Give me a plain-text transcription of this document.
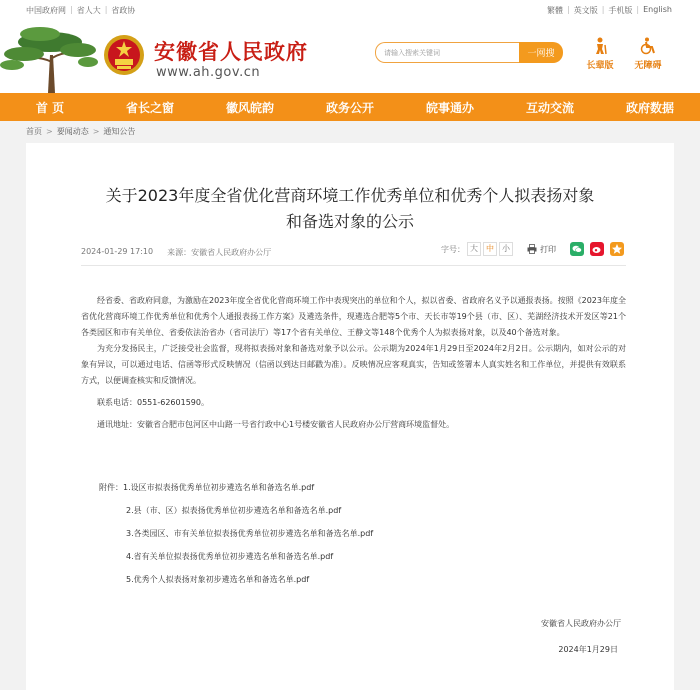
中国政府网 | 省人大 | 省政协	繁體 | 英文版 | 手机版 | English
安徽省人民政府
www.ah.gov.cn
请输入搜索关键词	一网搜
长辈版	无障碍
首 页	省长之窗	徽风皖韵	政务公开	皖事通办	互动交流	政府数据
首页 > 要闻动态 > 通知公告
关于2023年度全省优化营商环境工作优秀单位和优秀个人拟表扬对象
和备选对象的公示
2024-01-29 17:10 来源：安徽省人民政府办公厅	字号： 大	中	小	打印

经省委、省政府同意，为激励在2023年度全省优化营商环境工作中表现突出的单位和个人，拟以省委、省政府名义予以通报表扬。按照《2023年度全省优化营商环境工作优秀单位和优秀个人通报表扬工作方案》及遴选条件，现遴选合肥等5个市、天长市等19个县（市、区）、芜湖经济技术开发区等21个各类园区和市有关单位、省委依法治省办（省司法厅）等17个省有关单位、王静文等148个优秀个人为拟表扬对象，以及40个备选对象。

为充分发扬民主，广泛接受社会监督，现将拟表扬对象和备选对象予以公示。公示期为2024年1月29日至2024年2月2日。公示期内，如对公示的对象有异议，可以通过电话、信函等形式反映情况（信函以到达日邮戳为准）。反映情况应客观真实，告知或签署本人真实姓名和工作单位，并提供有效联系方式，以便调查核实和反馈情况。

联系电话：0551-62601590。

通讯地址：安徽省合肥市包河区中山路一号省行政中心1号楼安徽省人民政府办公厅营商环境监督处。

附件：1.设区市拟表扬优秀单位初步遴选名单和备选名单.pdf
2.县（市、区）拟表扬优秀单位初步遴选名单和备选名单.pdf
3.各类园区、市有关单位拟表扬优秀单位初步遴选名单和备选名单.pdf
4.省有关单位拟表扬优秀单位初步遴选名单和备选名单.pdf
5.优秀个人拟表扬对象初步遴选名单和备选名单.pdf
安徽省人民政府办公厅
2024年1月29日
